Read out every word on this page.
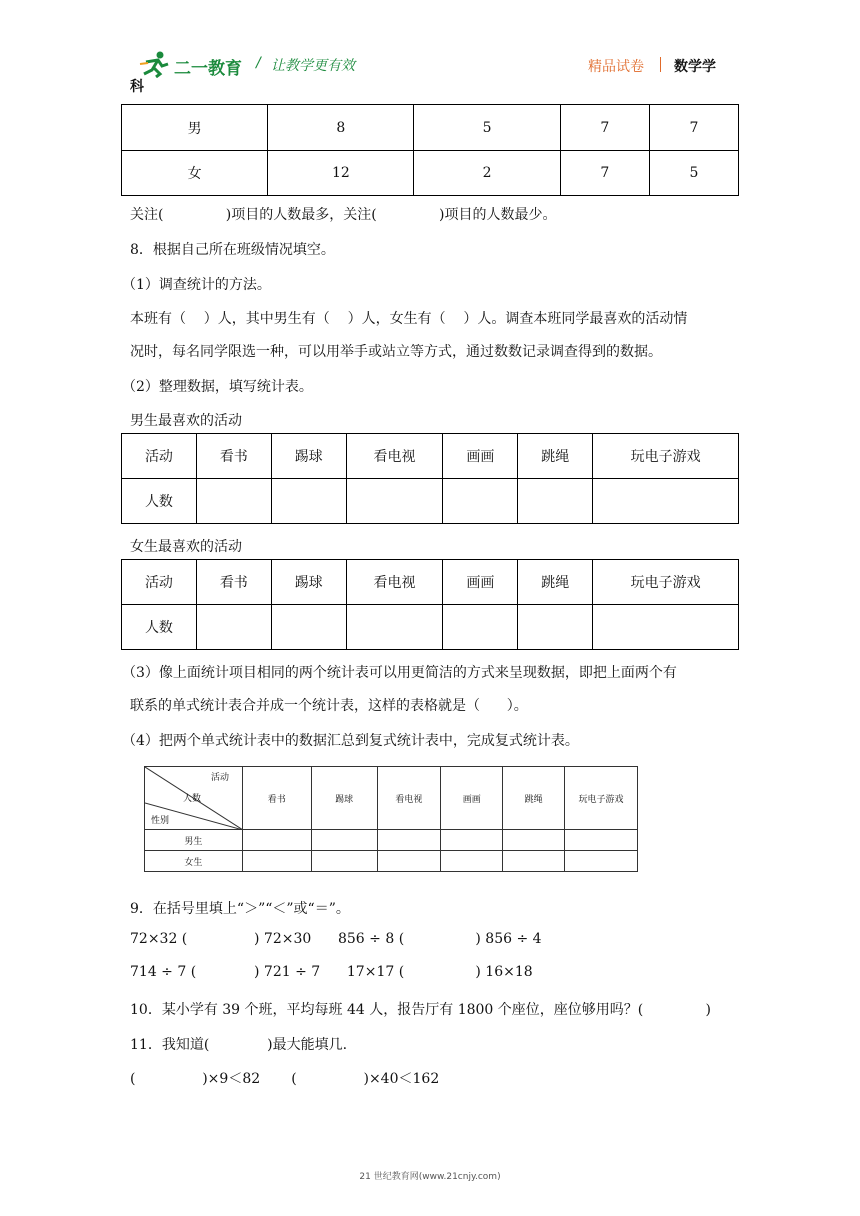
二一教育 / 让教学更有效	精品试卷 数学学
科
男	8	5	7	7
女	12	2	7	5
关注(              )项目的人数最多，关注(              )项目的人数最少。
8．根据自己所在班级情况填空。
（1）调查统计的方法。
本班有（    ）人，其中男生有（    ）人，女生有（    ）人。调查本班同学最喜欢的活动情
况时，每名同学限选一种，可以用举手或站立等方式，通过数数记录调查得到的数据。
（2）整理数据，填写统计表。
男生最喜欢的活动
活动	看书	踢球	看电视	画画	跳绳	玩电子游戏
人数						
女生最喜欢的活动
活动	看书	踢球	看电视	画画	跳绳	玩电子游戏
人数						
（3）像上面统计项目相同的两个统计表可以用更简洁的方式来呈现数据，即把上面两个有
联系的单式统计表合并成一个统计表，这样的表格就是（      ）。
（4）把两个单式统计表中的数据汇总到复式统计表中，完成复式统计表。
活动
人数
性别	看书	踢球	看电视	画画	跳绳	玩电子游戏
男生						
女生						
9．在括号里填上“＞”“＜”或“＝”。
72×32 (               ) 72×30      856 ÷ 8 (                ) 856 ÷ 4
714 ÷ 7 (             ) 721 ÷ 7      17×17 (                ) 16×18
10．某小学有 39 个班，平均每班 44 人，报告厅有 1800 个座位，座位够用吗？(              )
11．我知道(             )最大能填几.
(               )×9＜82       (               )×40＜162
21 世纪教育网(www.21cnjy.com)
